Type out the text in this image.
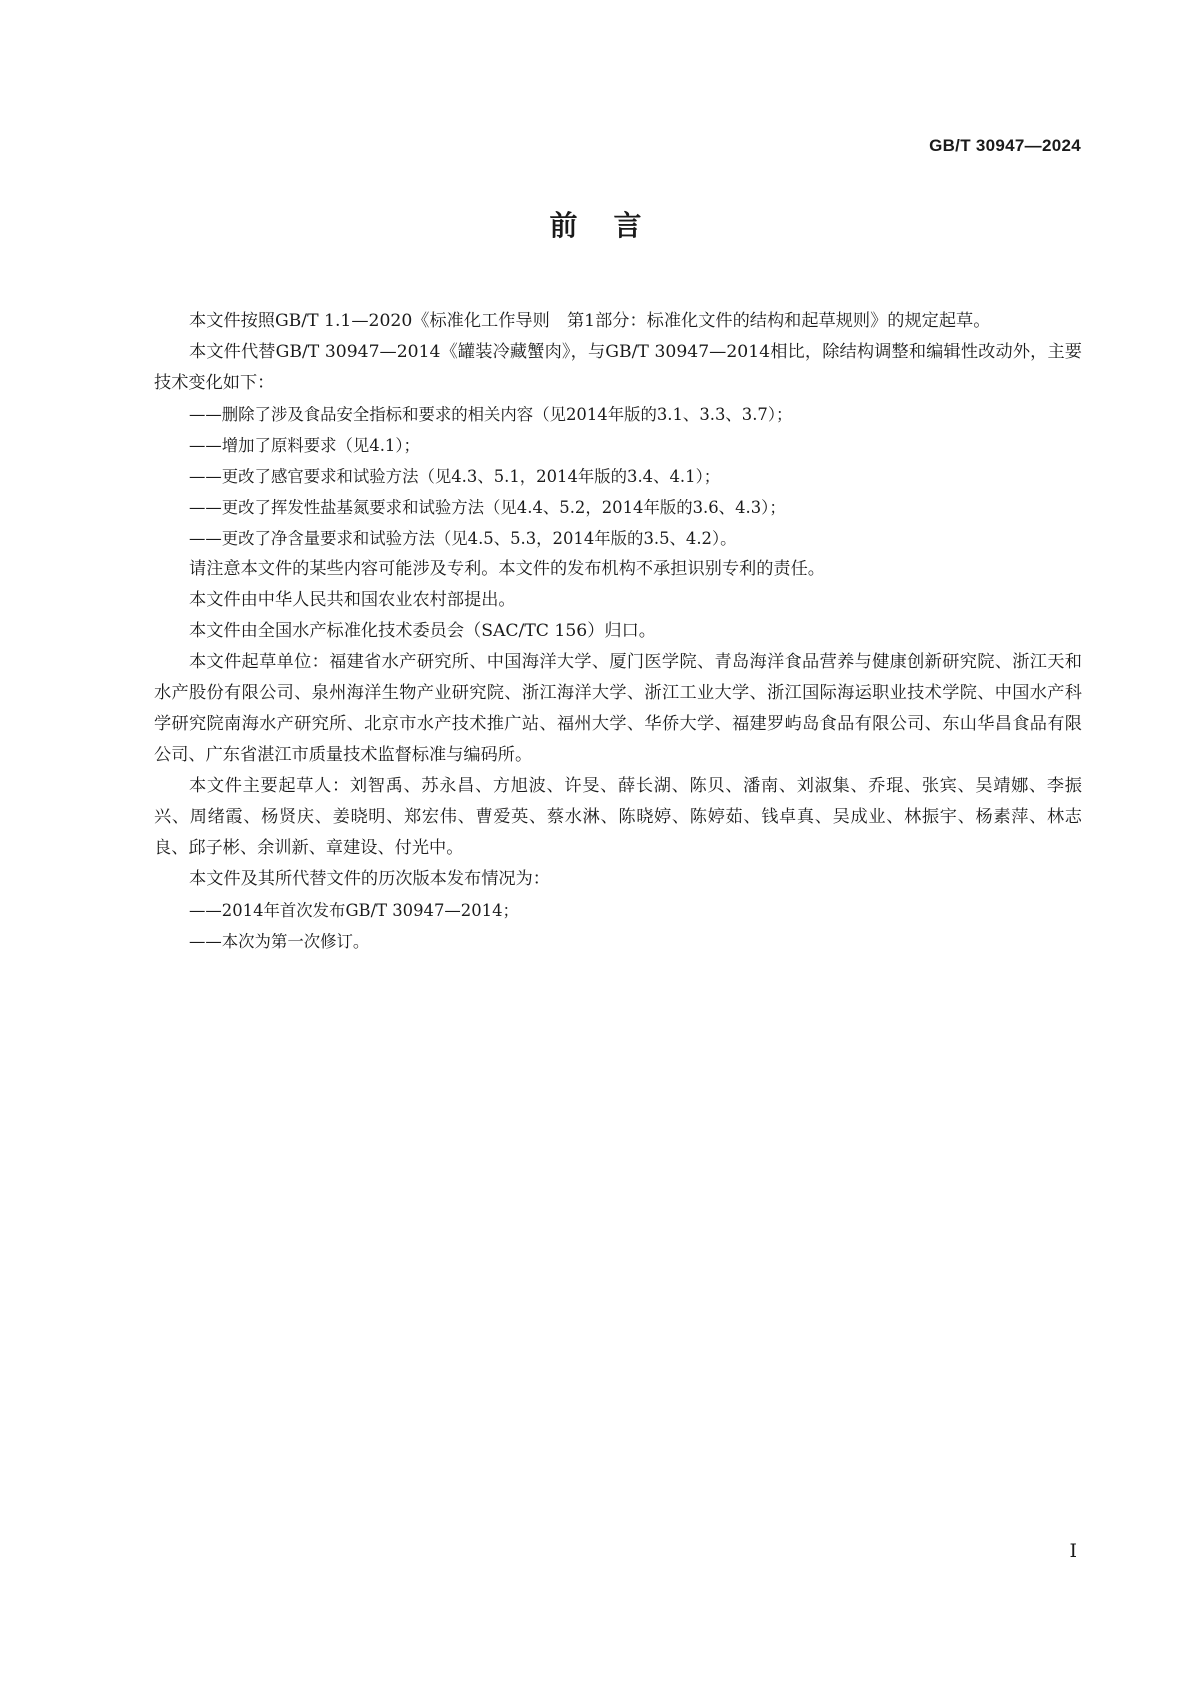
GB/T 30947—2024
前言

本文件按照GB/T 1.1—2020《标准化工作导则　第1部分：标准化文件的结构和起草规则》的规定起草。

本文件代替GB/T 30947—2014《罐装冷藏蟹肉》，与GB/T 30947—2014相比，除结构调整和编辑性改动外，主要技术变化如下：

——删除了涉及食品安全指标和要求的相关内容（见2014年版的3.1、3.3、3.7）；

——增加了原料要求（见4.1）；

——更改了感官要求和试验方法（见4.3、5.1，2014年版的3.4、4.1）；

——更改了挥发性盐基氮要求和试验方法（见4.4、5.2，2014年版的3.6、4.3）；

——更改了净含量要求和试验方法（见4.5、5.3，2014年版的3.5、4.2）。

请注意本文件的某些内容可能涉及专利。本文件的发布机构不承担识别专利的责任。

本文件由中华人民共和国农业农村部提出。

本文件由全国水产标准化技术委员会（SAC/TC 156）归口。

本文件起草单位：福建省水产研究所、中国海洋大学、厦门医学院、青岛海洋食品营养与健康创新研究院、浙江天和水产股份有限公司、泉州海洋生物产业研究院、浙江海洋大学、浙江工业大学、浙江国际海运职业技术学院、中国水产科学研究院南海水产研究所、北京市水产技术推广站、福州大学、华侨大学、福建罗屿岛食品有限公司、东山华昌食品有限公司、广东省湛江市质量技术监督标准与编码所。

本文件主要起草人：刘智禹、苏永昌、方旭波、许旻、薛长湖、陈贝、潘南、刘淑集、乔琨、张宾、吴靖娜、李振兴、周绪霞、杨贤庆、姜晓明、郑宏伟、曹爱英、蔡水淋、陈晓婷、陈婷茹、钱卓真、吴成业、林振宇、杨素萍、林志良、邱子彬、余训新、章建设、付光中。

本文件及其所代替文件的历次版本发布情况为：

——2014年首次发布GB/T 30947—2014；

——本次为第一次修订。

I
